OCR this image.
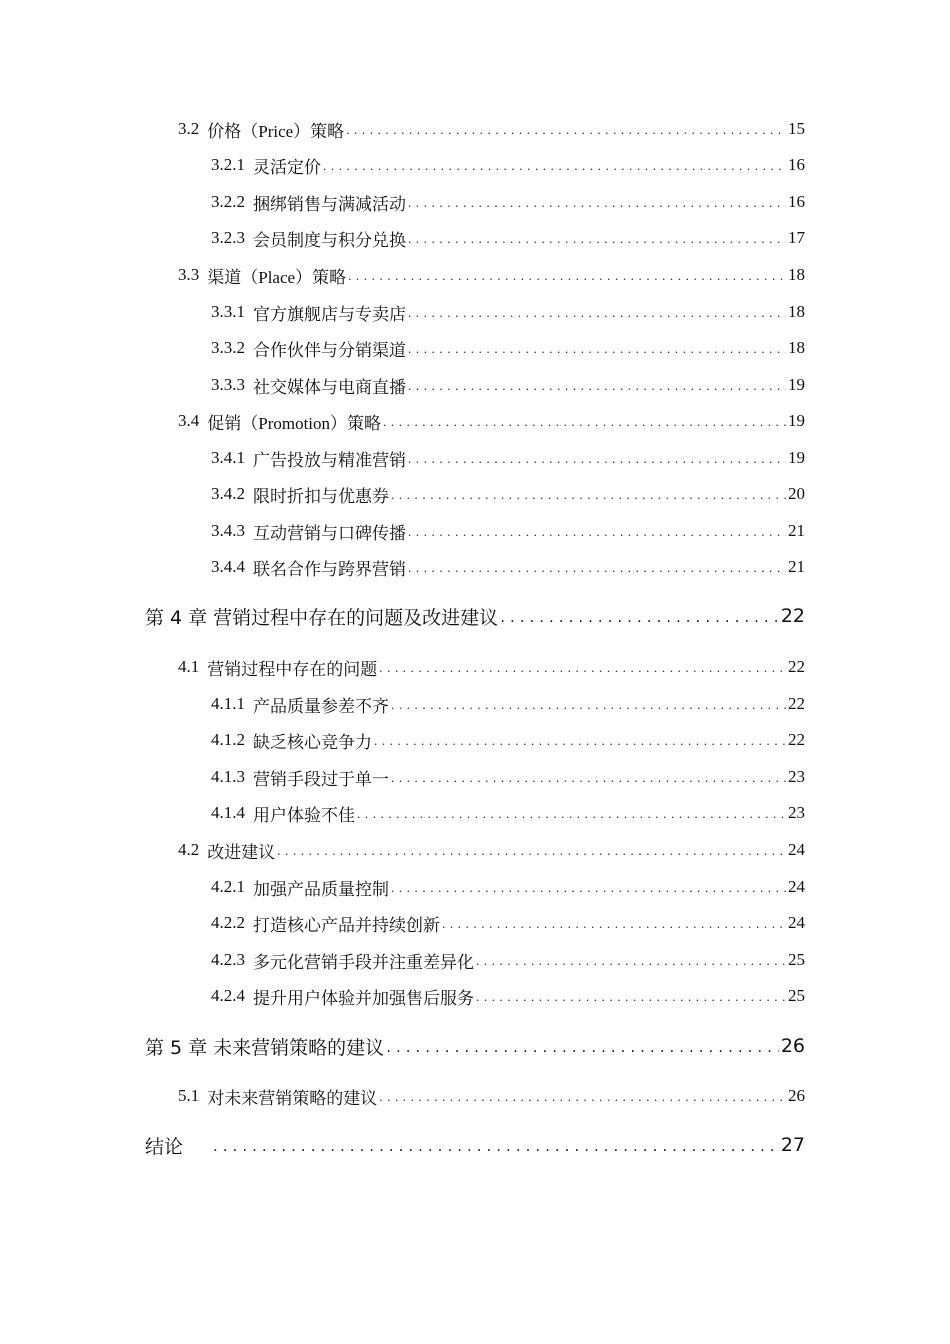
3.2 价格（Price）策略 .....	15
3.2.1 灵活定价 .....	16
3.2.2 捆绑销售与满减活动 .....	16
3.2.3 会员制度与积分兑换 .....	17
3.3 渠道（Place）策略 .....	18
3.3.1 官方旗舰店与专卖店 .....	18
3.3.2 合作伙伴与分销渠道 .....	18
3.3.3 社交媒体与电商直播 .....	19
3.4 促销（Promotion）策略 .....	19
3.4.1 广告投放与精准营销 .....	19
3.4.2 限时折扣与优惠券 .....	20
3.4.3 互动营销与口碑传播 .....	21
3.4.4 联名合作与跨界营销 .....	21
第 4 章 营销过程中存在的问题及改进建议 .....	22
4.1 营销过程中存在的问题 .....	22
4.1.1 产品质量参差不齐 .....	22
4.1.2 缺乏核心竞争力 .....	22
4.1.3 营销手段过于单一 .....	23
4.1.4 用户体验不佳 .....	23
4.2 改进建议 .....	24
4.2.1 加强产品质量控制 .....	24
4.2.2 打造核心产品并持续创新 .....	24
4.2.3 多元化营销手段并注重差异化 .....	25
4.2.4 提升用户体验并加强售后服务 .....	25
第 5 章 未来营销策略的建议 .....	26
5.1 对未来营销策略的建议 .....	26
结论 .....	27
